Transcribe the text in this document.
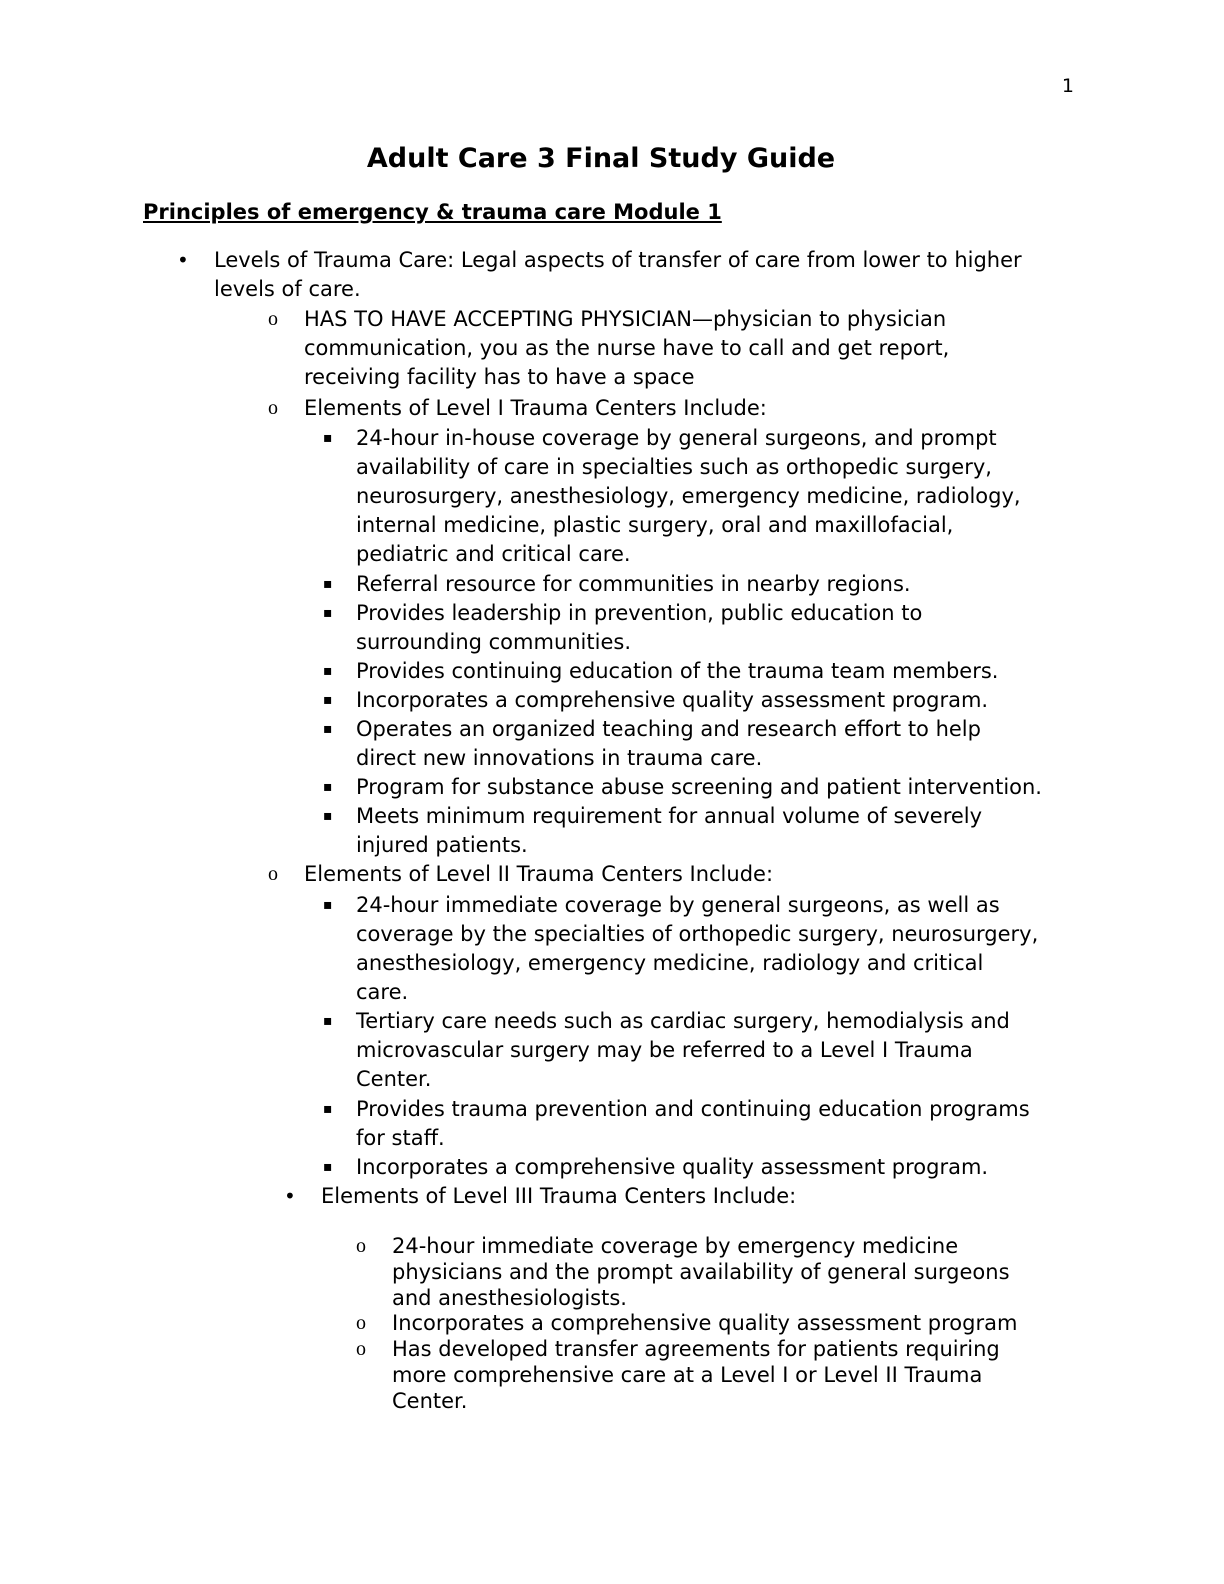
1
Adult Care 3 Final Study Guide
Principles of emergency & trauma care Module 1
• Levels of Trauma Care: Legal aspects of transfer of care from lower to higher
levels of care.
o HAS TO HAVE ACCEPTING PHYSICIAN—physician to physician
communication, you as the nurse have to call and get report,
receiving facility has to have a space
o Elements of Level I Trauma Centers Include:
▪ 24-hour in-house coverage by general surgeons, and prompt
availability of care in specialties such as orthopedic surgery,
neurosurgery, anesthesiology, emergency medicine, radiology,
internal medicine, plastic surgery, oral and maxillofacial,
pediatric and critical care.
▪ Referral resource for communities in nearby regions.
▪ Provides leadership in prevention, public education to
surrounding communities.
▪ Provides continuing education of the trauma team members.
▪ Incorporates a comprehensive quality assessment program.
▪ Operates an organized teaching and research effort to help
direct new innovations in trauma care.
▪ Program for substance abuse screening and patient intervention.
▪ Meets minimum requirement for annual volume of severely
injured patients.
o Elements of Level II Trauma Centers Include:
▪ 24-hour immediate coverage by general surgeons, as well as
coverage by the specialties of orthopedic surgery, neurosurgery,
anesthesiology, emergency medicine, radiology and critical
care.
▪ Tertiary care needs such as cardiac surgery, hemodialysis and
microvascular surgery may be referred to a Level I Trauma
Center.
▪ Provides trauma prevention and continuing education programs
for staff.
▪ Incorporates a comprehensive quality assessment program.
• Elements of Level III Trauma Centers Include:
o 24-hour immediate coverage by emergency medicine
physicians and the prompt availability of general surgeons
and anesthesiologists.
o Incorporates a comprehensive quality assessment program
o Has developed transfer agreements for patients requiring
more comprehensive care at a Level I or Level II Trauma
Center.
